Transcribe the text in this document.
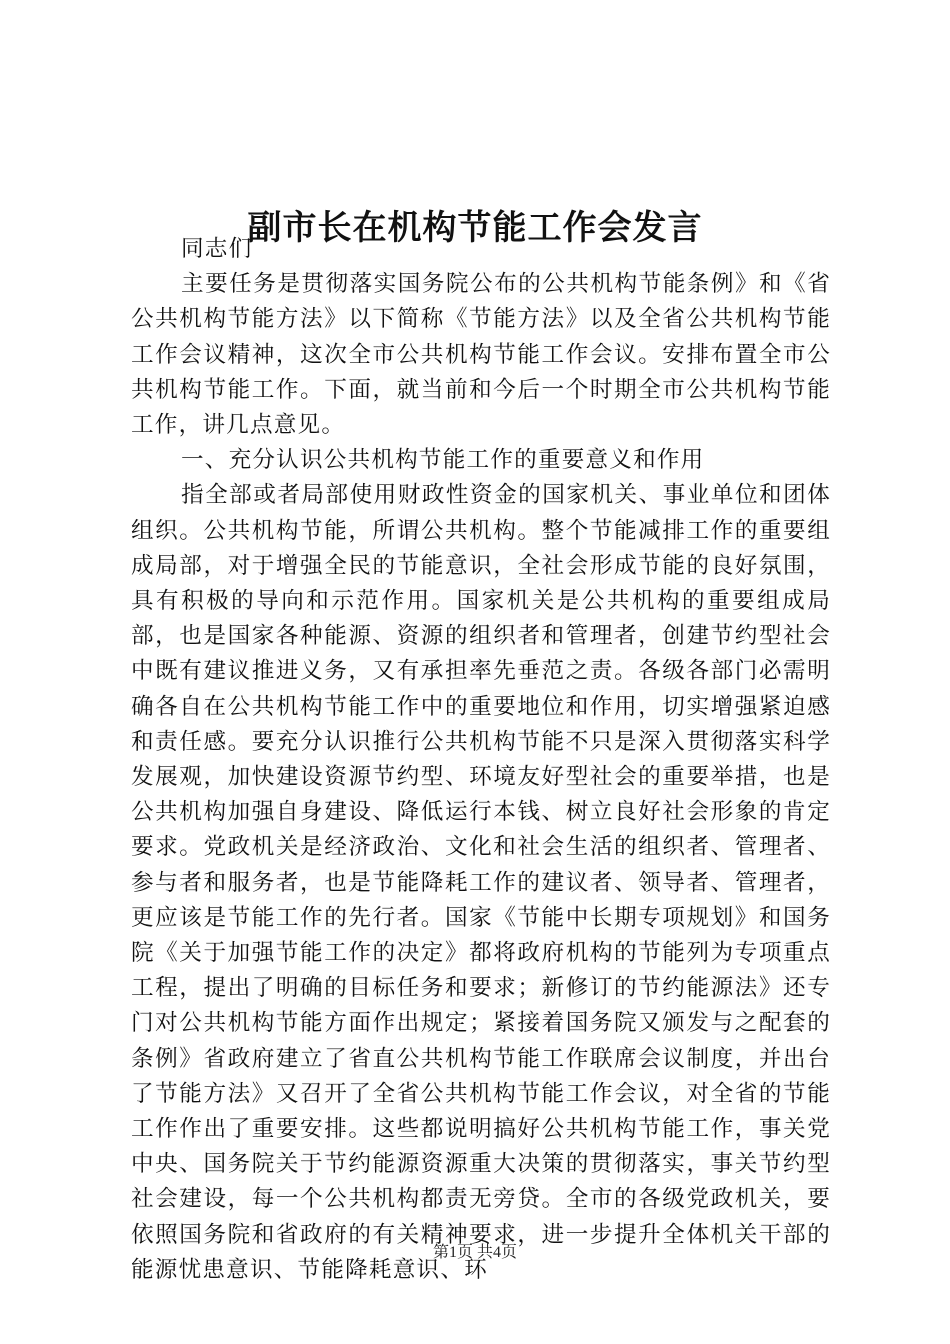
副市长在机构节能工作会发言

同志们

主要任务是贯彻落实国务院公布的公共机构节能条例》和《省公共机构节能方法》以下简称《节能方法》以及全省公共机构节能工作会议精神，这次全市公共机构节能工作会议。安排布置全市公共机构节能工作。下面，就当前和今后一个时期全市公共机构节能工作，讲几点意见。

一、充分认识公共机构节能工作的重要意义和作用

指全部或者局部使用财政性资金的国家机关、事业单位和团体组织。公共机构节能，所谓公共机构。整个节能减排工作的重要组成局部，对于增强全民的节能意识，全社会形成节能的良好氛围，具有积极的导向和示范作用。国家机关是公共机构的重要组成局部，也是国家各种能源、资源的组织者和管理者，创建节约型社会中既有建议推进义务，又有承担率先垂范之责。各级各部门必需明确各自在公共机构节能工作中的重要地位和作用，切实增强紧迫感和责任感。要充分认识推行公共机构节能不只是深入贯彻落实科学发展观，加快建设资源节约型、环境友好型社会的重要举措，也是公共机构加强自身建设、降低运行本钱、树立良好社会形象的肯定要求。党政机关是经济政治、文化和社会生活的组织者、管理者、参与者和服务者，也是节能降耗工作的建议者、领导者、管理者，更应该是节能工作的先行者。国家《节能中长期专项规划》和国务院《关于加强节能工作的决定》都将政府机构的节能列为专项重点工程，提出了明确的目标任务和要求；新修订的节约能源法》还专门对公共机构节能方面作出规定；紧接着国务院又颁发与之配套的条例》省政府建立了省直公共机构节能工作联席会议制度，并出台了节能方法》又召开了全省公共机构节能工作会议，对全省的节能工作作出了重要安排。这些都说明搞好公共机构节能工作，事关党中央、国务院关于节约能源资源重大决策的贯彻落实，事关节约型社会建设，每一个公共机构都责无旁贷。全市的各级党政机关，要依照国务院和省政府的有关精神要求，进一步提升全体机关干部的能源忧患意识、节能降耗意识、环

第1页 共4页
